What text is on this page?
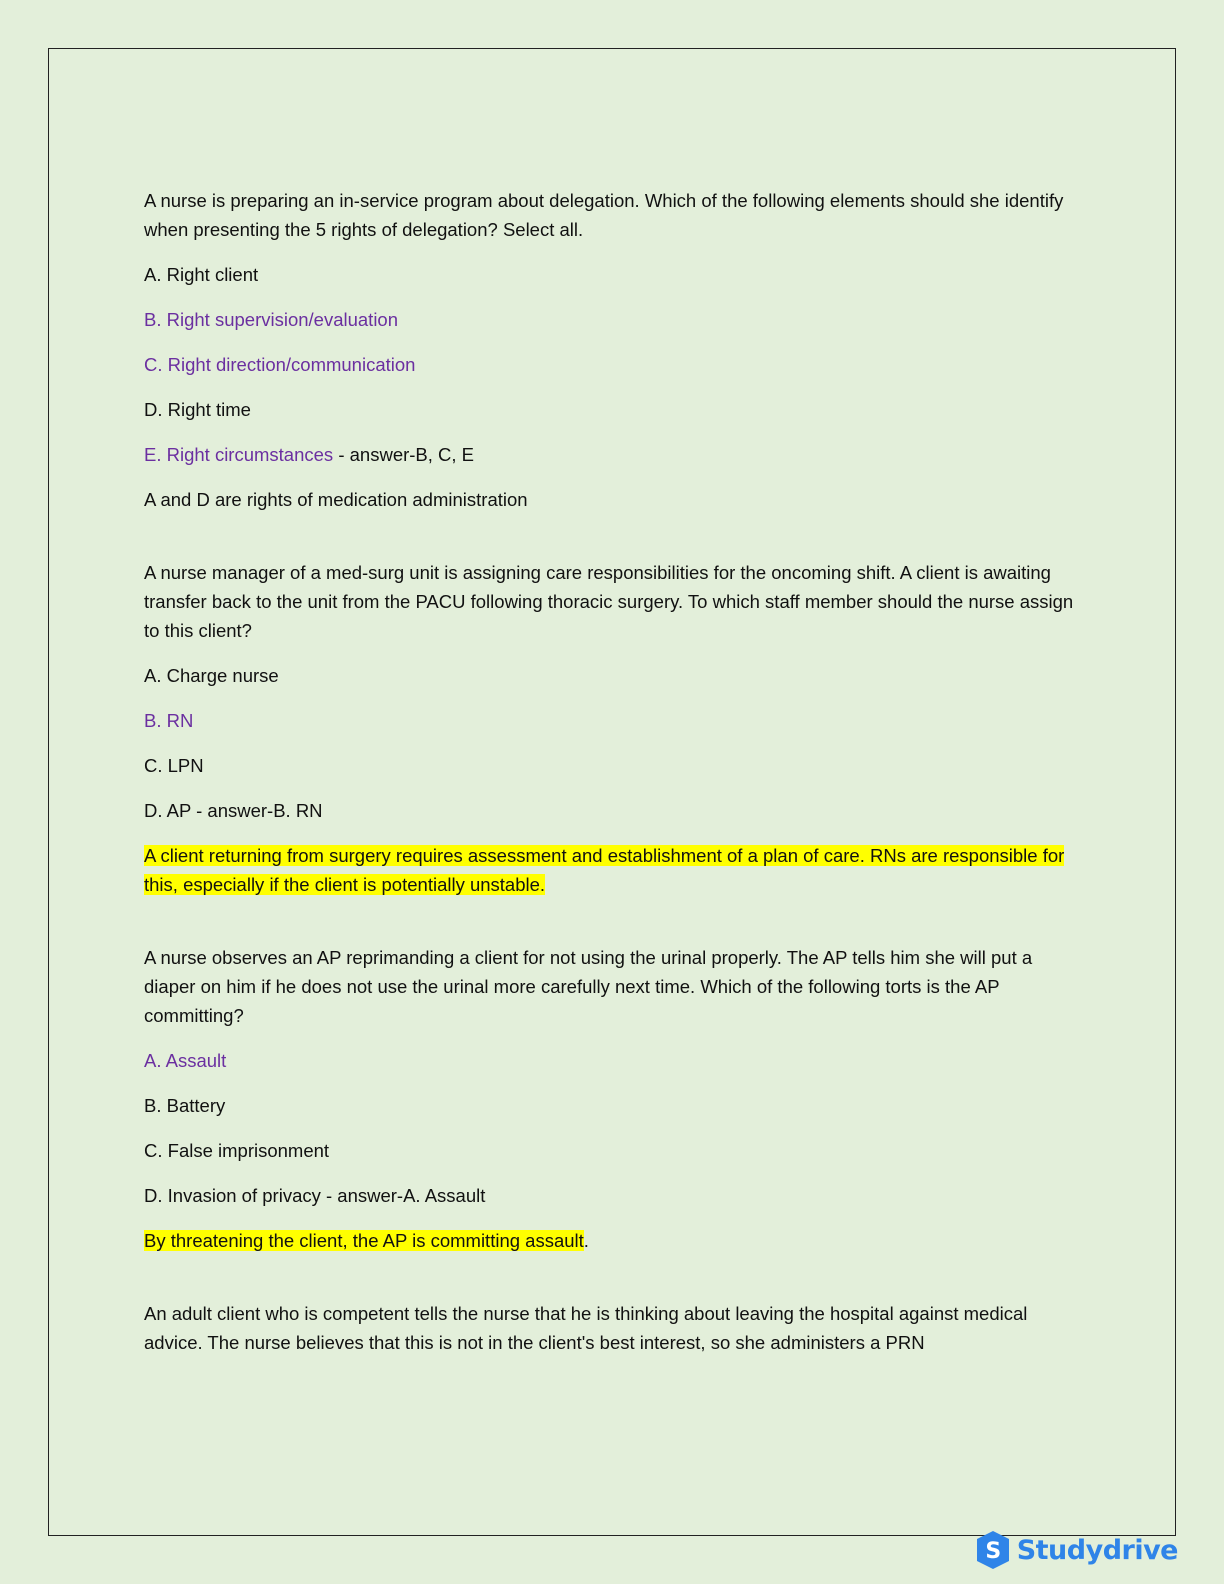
A nurse is preparing an in-service program about delegation. Which of the following elements should she identify when presenting the 5 rights of delegation? Select all.

A. Right client

B. Right supervision/evaluation

C. Right direction/communication

D. Right time

E. Right circumstances - answer-B, C, E

A and D are rights of medication administration

A nurse manager of a med-surg unit is assigning care responsibilities for the oncoming shift. A client is awaiting transfer back to the unit from the PACU following thoracic surgery. To which staff member should the nurse assign to this client?

A. Charge nurse

B. RN

C. LPN

D. AP - answer-B. RN

A client returning from surgery requires assessment and establishment of a plan of care. RNs are responsible for this, especially if the client is potentially unstable.

A nurse observes an AP reprimanding a client for not using the urinal properly. The AP tells him she will put a diaper on him if he does not use the urinal more carefully next time. Which of the following torts is the AP committing?

A. Assault

B. Battery

C. False imprisonment

D. Invasion of privacy - answer-A. Assault

By threatening the client, the AP is committing assault.

An adult client who is competent tells the nurse that he is thinking about leaving the hospital against medical advice. The nurse believes that this is not in the client's best interest, so she administers a PRN

S Studydrive
